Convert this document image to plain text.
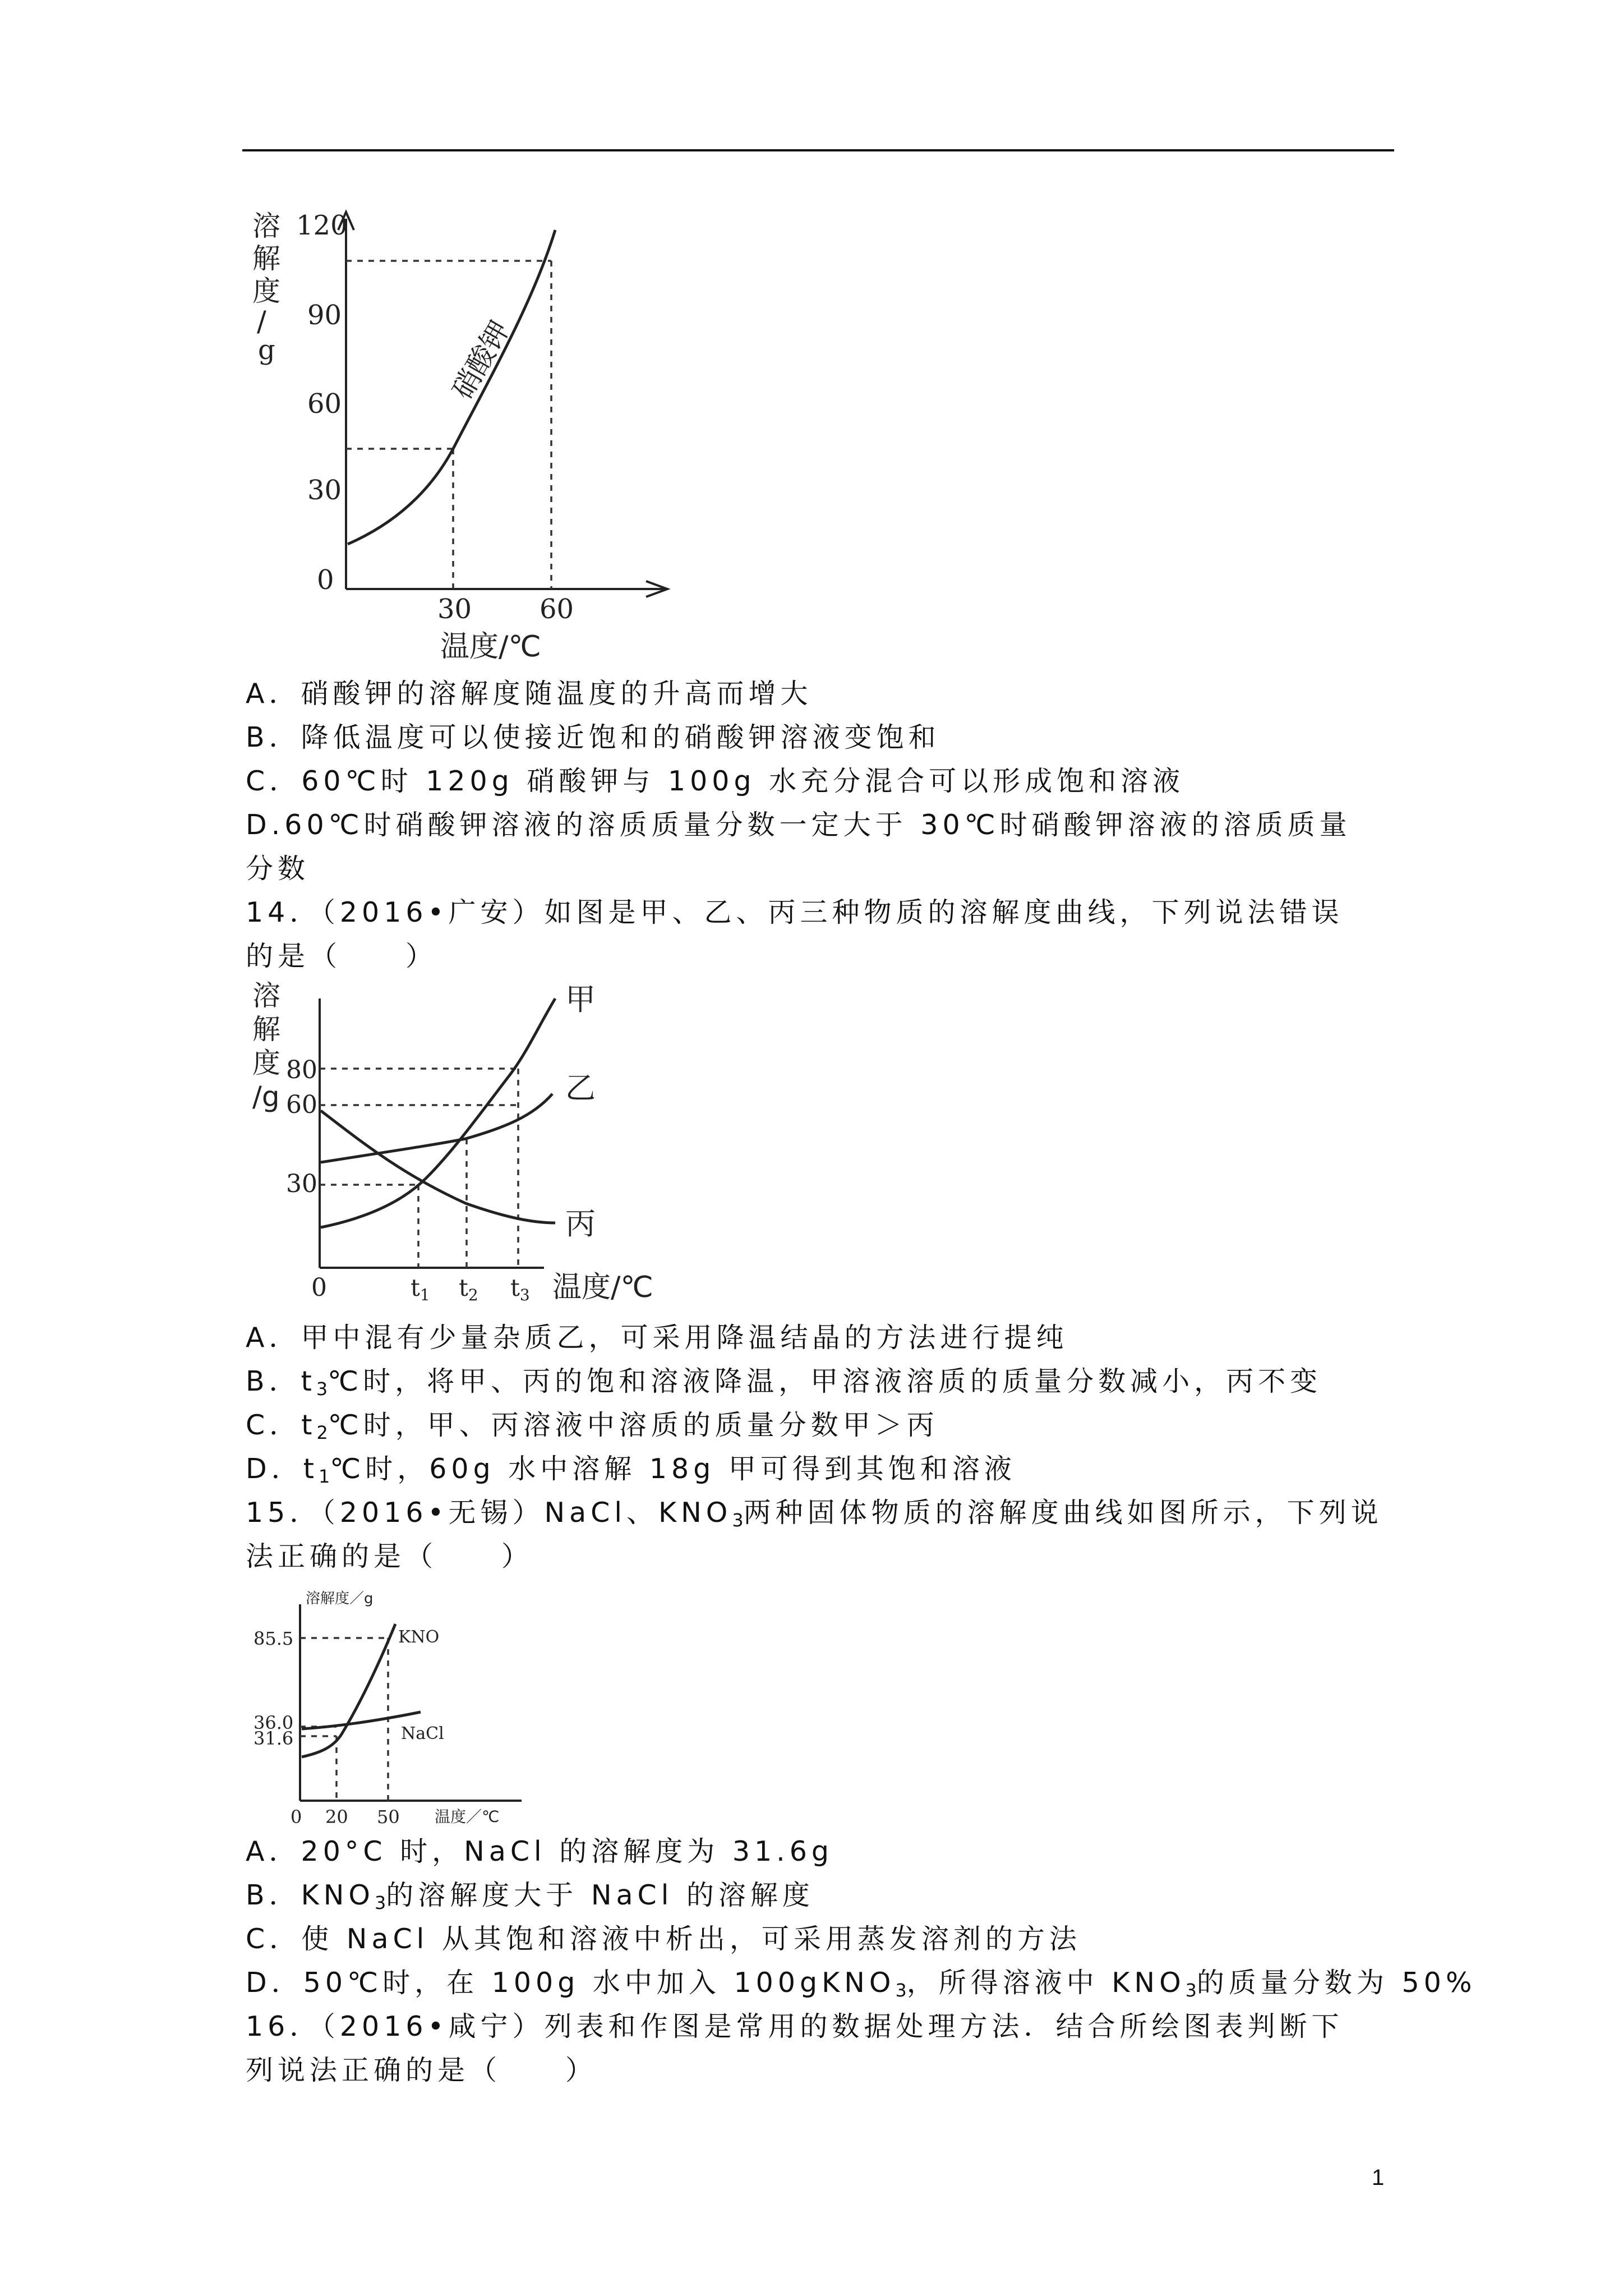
溶
解
度
/
g
120
90
60
30
0
30	60
温度/℃
硝酸钾
A．硝酸钾的溶解度随温度的升高而增大
B．降低温度可以使接近饱和的硝酸钾溶液变饱和
C．60℃时 120g 硝酸钾与 100g 水充分混合可以形成饱和溶液
D.60℃时硝酸钾溶液的溶质质量分数一定大于 30℃时硝酸钾溶液的溶质质量
分数
14．（2016•广安）如图是甲、乙、丙三种物质的溶解度曲线，下列说法错误
的是（　　）
溶
解
度
/g
80
60
30
0	t1 t2 t3 温度/℃
甲
乙
丙
A．甲中混有少量杂质乙，可采用降温结晶的方法进行提纯
B．$t_3℃$时，将甲、丙的饱和溶液降温，甲溶液溶质的质量分数减小，丙不变
C．$t_2℃$时，甲、丙溶液中溶质的质量分数甲＞丙
D．$t_1℃$时，60g 水中溶解 18g 甲可得到其饱和溶液
15．（2016•无锡）NaCl、$KNO_3$两种固体物质的溶解度曲线如图所示，下列说
法正确的是（　　）
溶解度／g
85.5
36.0
31.6
0 20 50 温度／℃
KNO
NaCl
A．20°C 时，NaCl 的溶解度为 31.6g
B．$KNO_3$的溶解度大于 NaCl 的溶解度
C．使 NaCl 从其饱和溶液中析出，可采用蒸发溶剂的方法
D．50℃时，在 100g 水中加入 100gKNO$_3$，所得溶液中 $KNO_3$的质量分数为 50%
16．（2016•咸宁）列表和作图是常用的数据处理方法．结合所绘图表判断下
列说法正确的是（　　）
1
